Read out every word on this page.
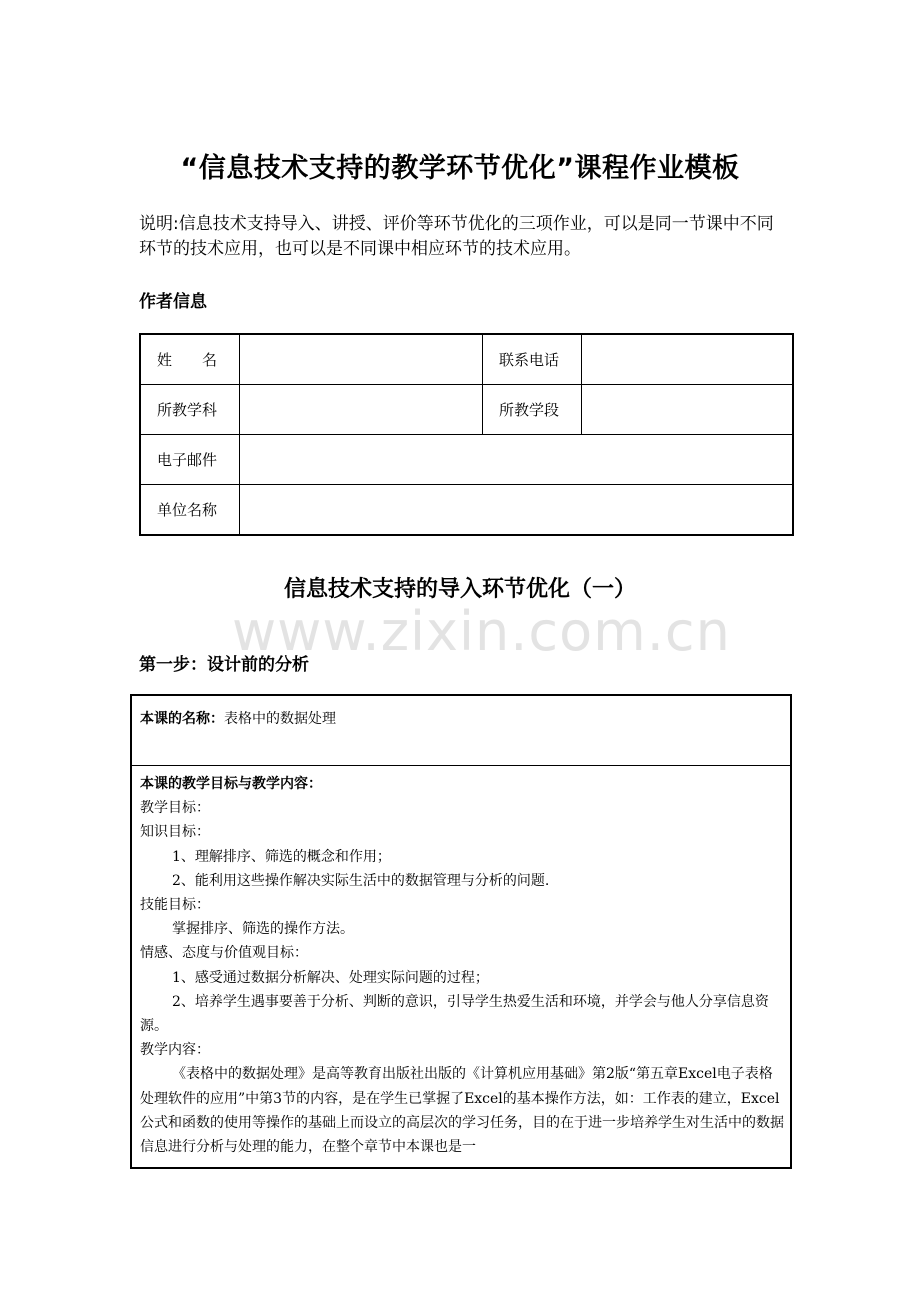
“信息技术支持的教学环节优化”课程作业模板
说明:信息技术支持导入、讲授、评价等环节优化的三项作业，可以是同一节课中不同环节的技术应用，也可以是不同课中相应环节的技术应用。
作者信息
姓　　名		联系电话	
所教学科		所教学段	
电子邮件			
单位名称			
信息技术支持的导入环节优化（一）
www.zixin.com.cn
第一步：设计前的分析
本课的名称：表格中的数据处理

本课的教学目标与教学内容：

教学目标：

知识目标：

1、理解排序、筛选的概念和作用；

2、能利用这些操作解决实际生活中的数据管理与分析的问题.

技能目标：

掌握排序、筛选的操作方法。

情感、态度与价值观目标：

1、感受通过数据分析解决、处理实际问题的过程；

2、培养学生遇事要善于分析、判断的意识，引导学生热爱生活和环境，并学会与他人分享信息资源。

教学内容：

《表格中的数据处理》是高等教育出版社出版的《计算机应用基础》第2版“第五章Excel电子表格处理软件的应用”中第3节的内容，是在学生已掌握了Excel的基本操作方法，如：工作表的建立，Excel公式和函数的使用等操作的基础上而设立的高层次的学习任务，目的在于进一步培养学生对生活中的数据信息进行分析与处理的能力，在整个章节中本课也是一
